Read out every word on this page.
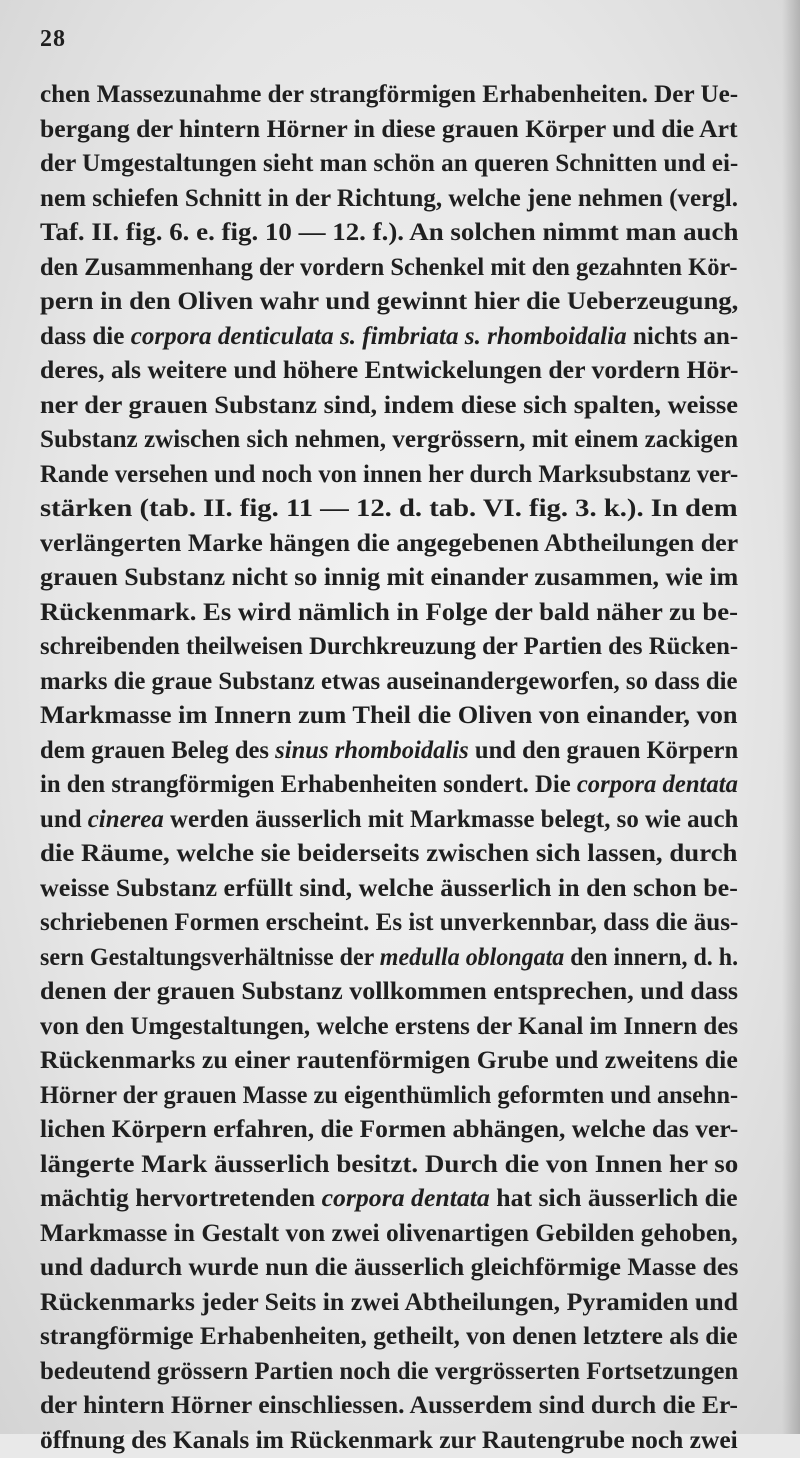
28
chen Massezunahme der strangförmigen Erhabenheiten. Der Ue-
bergang der hintern Hörner in diese grauen Körper und die Art
der Umgestaltungen sieht man schön an queren Schnitten und ei-
nem schiefen Schnitt in der Richtung, welche jene nehmen (vergl.
Taf. II. fig. 6. e. fig. 10 — 12. f.). An solchen nimmt man auch
den Zusammenhang der vordern Schenkel mit den gezahnten Kör-
pern in den Oliven wahr und gewinnt hier die Ueberzeugung,
dass die corpora denticulata s. fimbriata s. rhomboidalia nichts an-
deres, als weitere und höhere Entwickelungen der vordern Hör-
ner der grauen Substanz sind, indem diese sich spalten, weisse
Substanz zwischen sich nehmen, vergrössern, mit einem zackigen
Rande versehen und noch von innen her durch Marksubstanz ver-
stärken (tab. II. fig. 11 — 12. d. tab. VI. fig. 3. k.). In dem
verlängerten Marke hängen die angegebenen Abtheilungen der
grauen Substanz nicht so innig mit einander zusammen, wie im
Rückenmark. Es wird nämlich in Folge der bald näher zu be-
schreibenden theilweisen Durchkreuzung der Partien des Rücken-
marks die graue Substanz etwas auseinandergeworfen, so dass die
Markmasse im Innern zum Theil die Oliven von einander, von
dem grauen Beleg des sinus rhomboidalis und den grauen Körpern
in den strangförmigen Erhabenheiten sondert. Die corpora dentata
und cinerea werden äusserlich mit Markmasse belegt, so wie auch
die Räume, welche sie beiderseits zwischen sich lassen, durch
weisse Substanz erfüllt sind, welche äusserlich in den schon be-
schriebenen Formen erscheint. Es ist unverkennbar, dass die äus-
sern Gestaltungsverhältnisse der medulla oblongata den innern, d. h.
denen der grauen Substanz vollkommen entsprechen, und dass
von den Umgestaltungen, welche erstens der Kanal im Innern des
Rückenmarks zu einer rautenförmigen Grube und zweitens die
Hörner der grauen Masse zu eigenthümlich geformten und ansehn-
lichen Körpern erfahren, die Formen abhängen, welche das ver-
längerte Mark äusserlich besitzt. Durch die von Innen her so
mächtig hervortretenden corpora dentata hat sich äusserlich die
Markmasse in Gestalt von zwei olivenartigen Gebilden gehoben,
und dadurch wurde nun die äusserlich gleichförmige Masse des
Rückenmarks jeder Seits in zwei Abtheilungen, Pyramiden und
strangförmige Erhabenheiten, getheilt, von denen letztere als die
bedeutend grössern Partien noch die vergrösserten Fortsetzungen
der hintern Hörner einschliessen. Ausserdem sind durch die Er-
öffnung des Kanals im Rückenmark zur Rautengrube noch zwei
